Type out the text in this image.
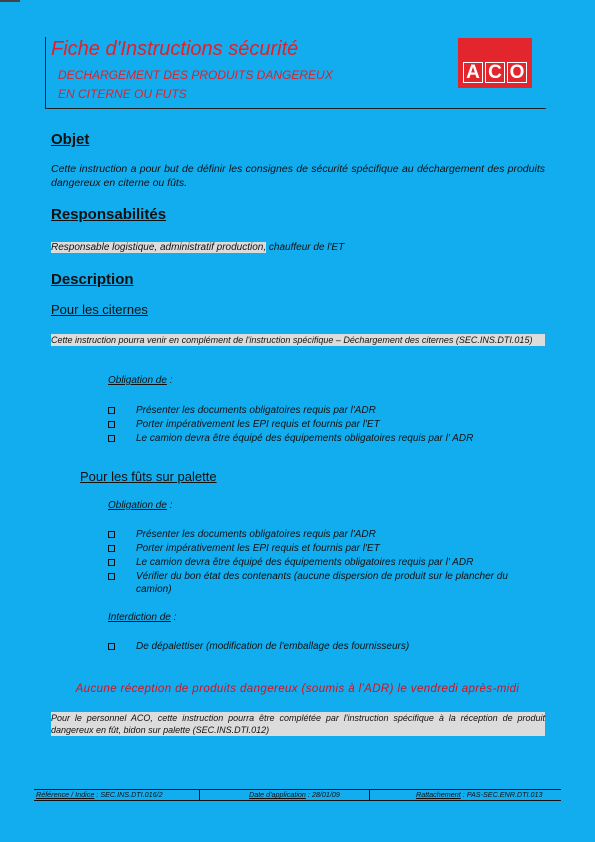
Fiche d'Instructions sécurité
DECHARGEMENT DES PRODUITS DANGEREUX
EN CITERNE OU FUTS
A C O
Objet
Cette instruction a pour but de définir les consignes de sécurité spécifique au déchargement des produits dangereux en citerne ou fûts.
Responsabilités
Responsable logistique, administratif production, chauffeur de l'ET
Description
Pour les citernes
Cette instruction pourra venir en complément de l'instruction spécifique – Déchargement des citernes (SEC.INS.DTI.015)
Obligation de :
Présenter les documents obligatoires requis par l'ADR
Porter impérativement les EPI requis et fournis par l'ET
Le camion devra être équipé des équipements obligatoires requis par l' ADR
Pour les fûts sur palette
Obligation de :
Présenter les documents obligatoires requis par l'ADR
Porter impérativement les EPI requis et fournis par l'ET
Le camion devra être équipé des équipements obligatoires requis par l' ADR
Vérifier du bon état des contenants (aucune dispersion de produit sur le plancher du camion)
Interdiction de :
De dépalettiser (modification de l'emballage des fournisseurs)
Aucune réception de produits dangereux (soumis à l'ADR) le vendredi après-midi
Pour le personnel ACO, cette instruction pourra être complétée par l'instruction spécifique à la réception de produit dangereux en fût, bidon sur palette (SEC.INS.DTI.012)
Référence / Indice : SEC.INS.DTI.016/2	Date d'application : 28/01/09	Rattachement : PAS-SEC.ENR.DTI.013
